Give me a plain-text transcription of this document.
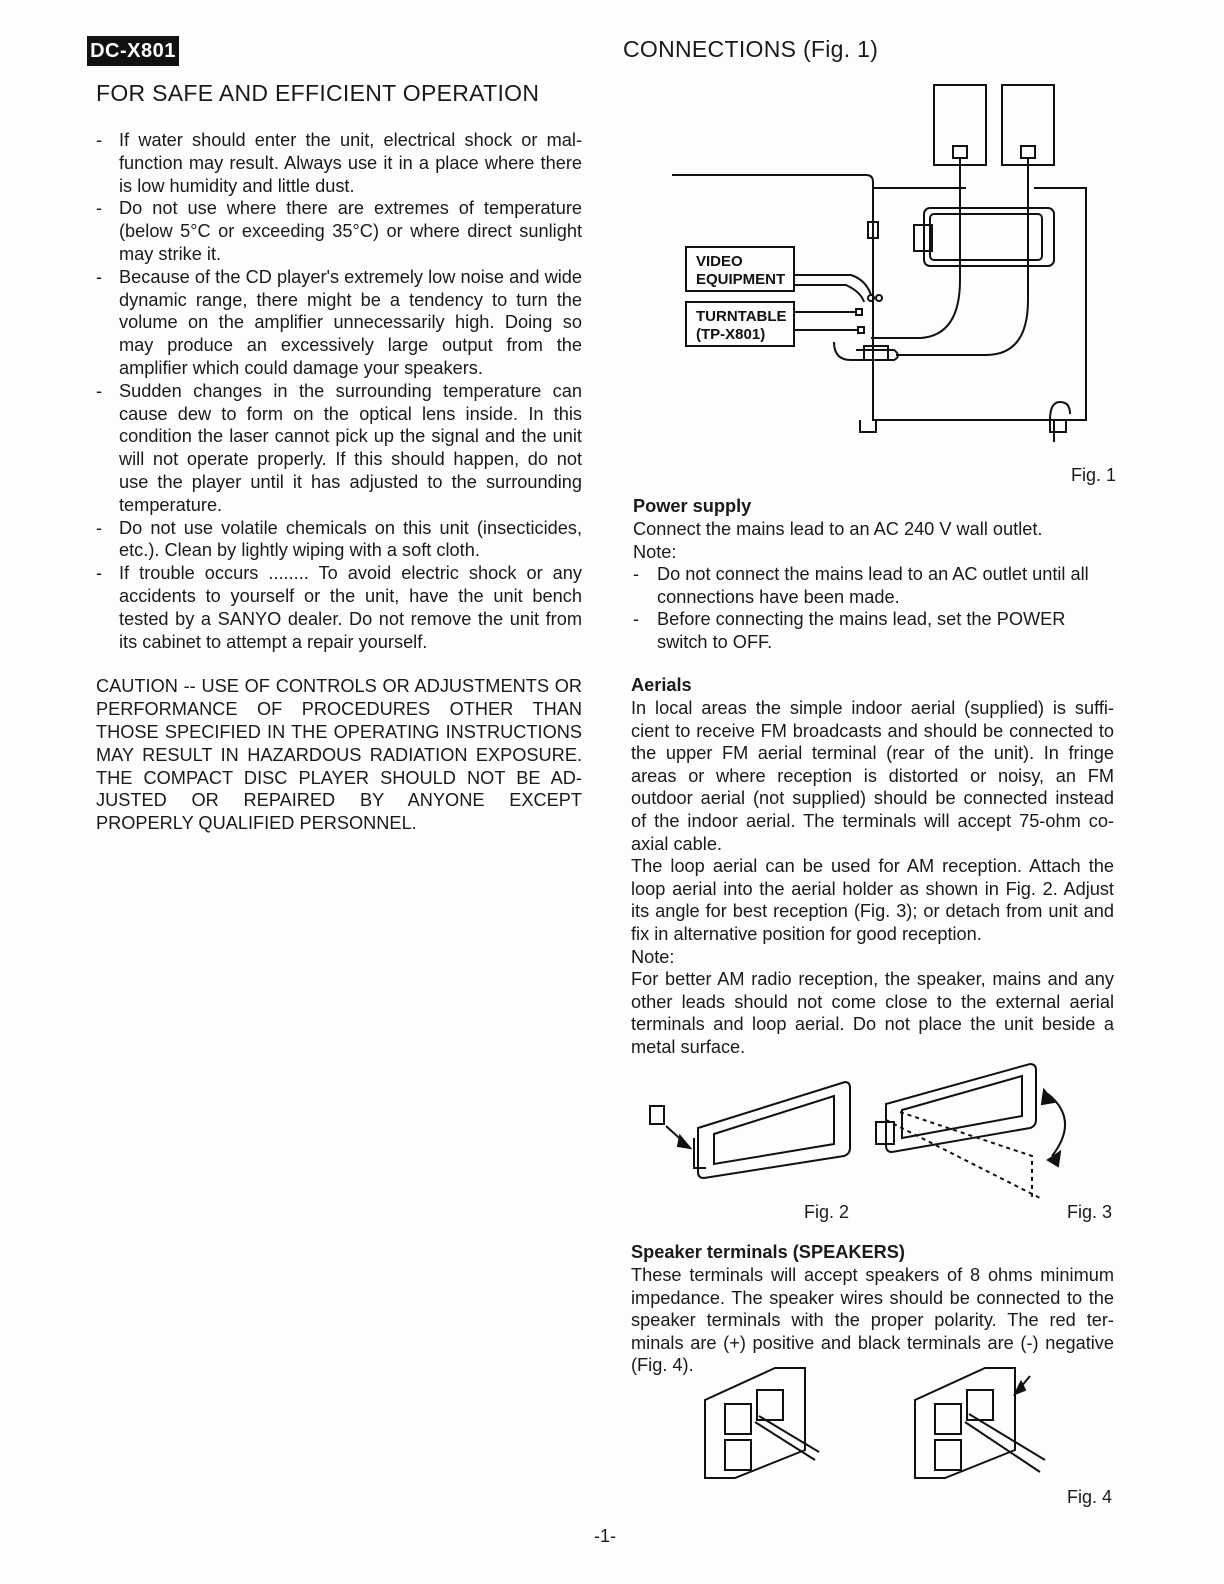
DC-X801
FOR SAFE AND EFFICIENT OPERATION
- If water should enter the unit, electrical shock or mal-function may result. Always use it in a place where there is low humidity and little dust.
- Do not use where there are extremes of temperature (below 5°C or exceeding 35°C) or where direct sunlight may strike it.
- Because of the CD player's extremely low noise and wide dynamic range, there might be a tendency to turn the volume on the amplifier unnecessarily high. Doing so may produce an excessively large output from the amplifier which could damage your speakers.
- Sudden changes in the surrounding temperature can cause dew to form on the optical lens inside. In this condition the laser cannot pick up the signal and the unit will not operate properly. If this should happen, do not use the player until it has adjusted to the surrounding temperature.
- Do not use volatile chemicals on this unit (insecticides, etc.). Clean by lightly wiping with a soft cloth.
- If trouble occurs ........ To avoid electric shock or any accidents to yourself or the unit, have the unit bench tested by a SANYO dealer. Do not remove the unit from its cabinet to attempt a repair yourself.

CAUTION -- USE OF CONTROLS OR ADJUSTMENTS OR PERFORMANCE OF PROCEDURES OTHER THAN THOSE SPECIFIED IN THE OPERATING INSTRUCTIONS MAY RESULT IN HAZARDOUS RADIATION EXPOSURE. THE COMPACT DISC PLAYER SHOULD NOT BE AD-JUSTED OR REPAIRED BY ANYONE EXCEPT PROPERLY QUALIFIED PERSONNEL.

CONNECTIONS (Fig. 1)
VIDEO
EQUIPMENT
TURNTABLE
(TP-X801)
Fig. 1

Power supply

Connect the mains lead to an AC 240 V wall outlet.

Note:

- Do not connect the mains lead to an AC outlet until all connections have been made.
- Before connecting the mains lead, set the POWER switch to OFF.

Aerials

In local areas the simple indoor aerial (supplied) is suffi-cient to receive FM broadcasts and should be connected to the upper FM aerial terminal (rear of the unit). In fringe areas or where reception is distorted or noisy, an FM outdoor aerial (not supplied) should be connected instead of the indoor aerial. The terminals will accept 75-ohm co-axial cable.

The loop aerial can be used for AM reception. Attach the loop aerial into the aerial holder as shown in Fig. 2. Adjust its angle for best reception (Fig. 3); or detach from unit and fix in alternative position for good reception.

Note:

For better AM radio reception, the speaker, mains and any other leads should not come close to the external aerial terminals and loop aerial. Do not place the unit beside a metal surface.

Fig. 2	Fig. 3

Speaker terminals (SPEAKERS)

These terminals will accept speakers of 8 ohms minimum impedance. The speaker wires should be connected to the speaker terminals with the proper polarity. The red ter-minals are (+) positive and black terminals are (-) negative (Fig. 4).

Fig. 4
-1-
